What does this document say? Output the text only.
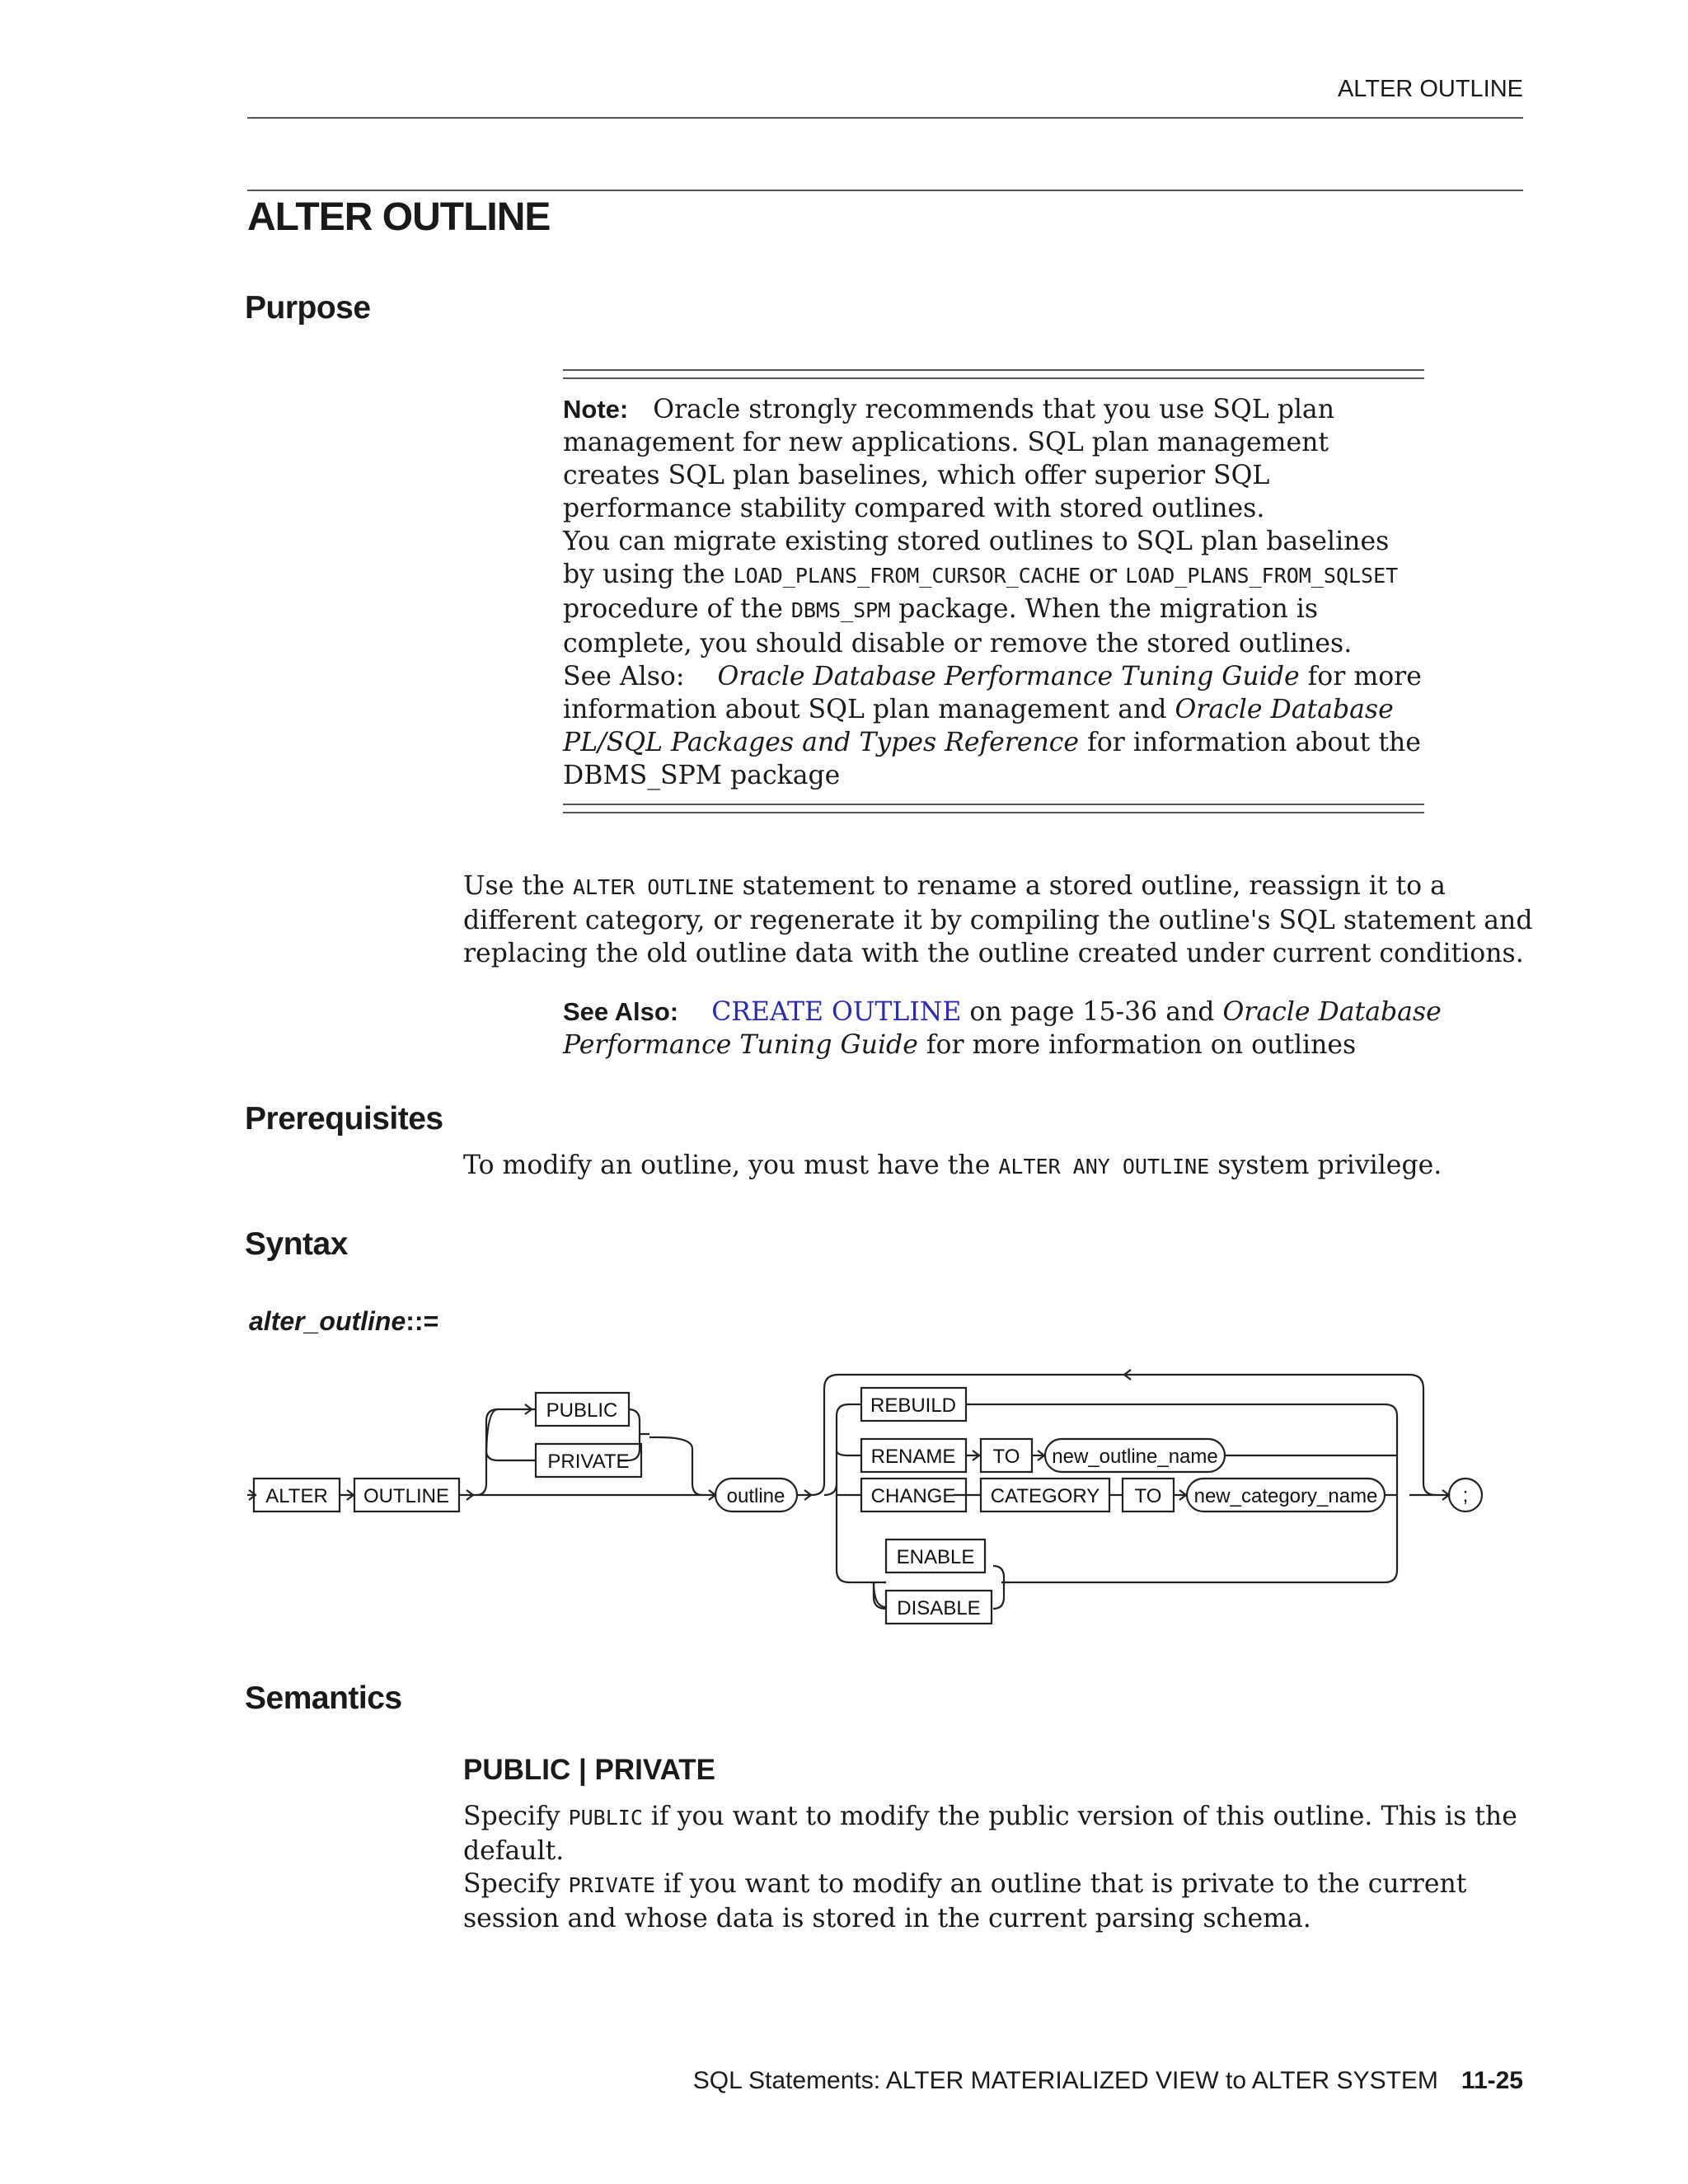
ALTER OUTLINE
ALTER OUTLINE
Purpose

Note: Oracle strongly recommends that you use SQL plan management for new applications. SQL plan management creates SQL plan baselines, which offer superior SQL performance stability compared with stored outlines.

You can migrate existing stored outlines to SQL plan baselines by using the LOAD_PLANS_FROM_CURSOR_CACHE or LOAD_PLANS_FROM_SQLSET procedure of the DBMS_SPM package. When the migration is complete, you should disable or remove the stored outlines.

See Also: Oracle Database Performance Tuning Guide for more information about SQL plan management and Oracle Database PL/SQL Packages and Types Reference for information about the DBMS_SPM package

Use the ALTER OUTLINE statement to rename a stored outline, reassign it to a different category, or regenerate it by compiling the outline's SQL statement and replacing the old outline data with the outline created under current conditions.

See Also: CREATE OUTLINE on page 15-36 and Oracle Database Performance Tuning Guide for more information on outlines

Prerequisites

To modify an outline, you must have the ALTER ANY OUTLINE system privilege.

Syntax
alter_outline::=
ALTER OUTLINE
PUBLIC
PRIVATE
outline
REBUILD
RENAME TO new_outline_name
CHANGE CATEGORY TO new_category_name
ENABLE
DISABLE
;
Semantics
PUBLIC | PRIVATE

Specify PUBLIC if you want to modify the public version of this outline. This is the default.

Specify PRIVATE if you want to modify an outline that is private to the current session and whose data is stored in the current parsing schema.

SQL Statements: ALTER MATERIALIZED VIEW to ALTER SYSTEM 11-25
